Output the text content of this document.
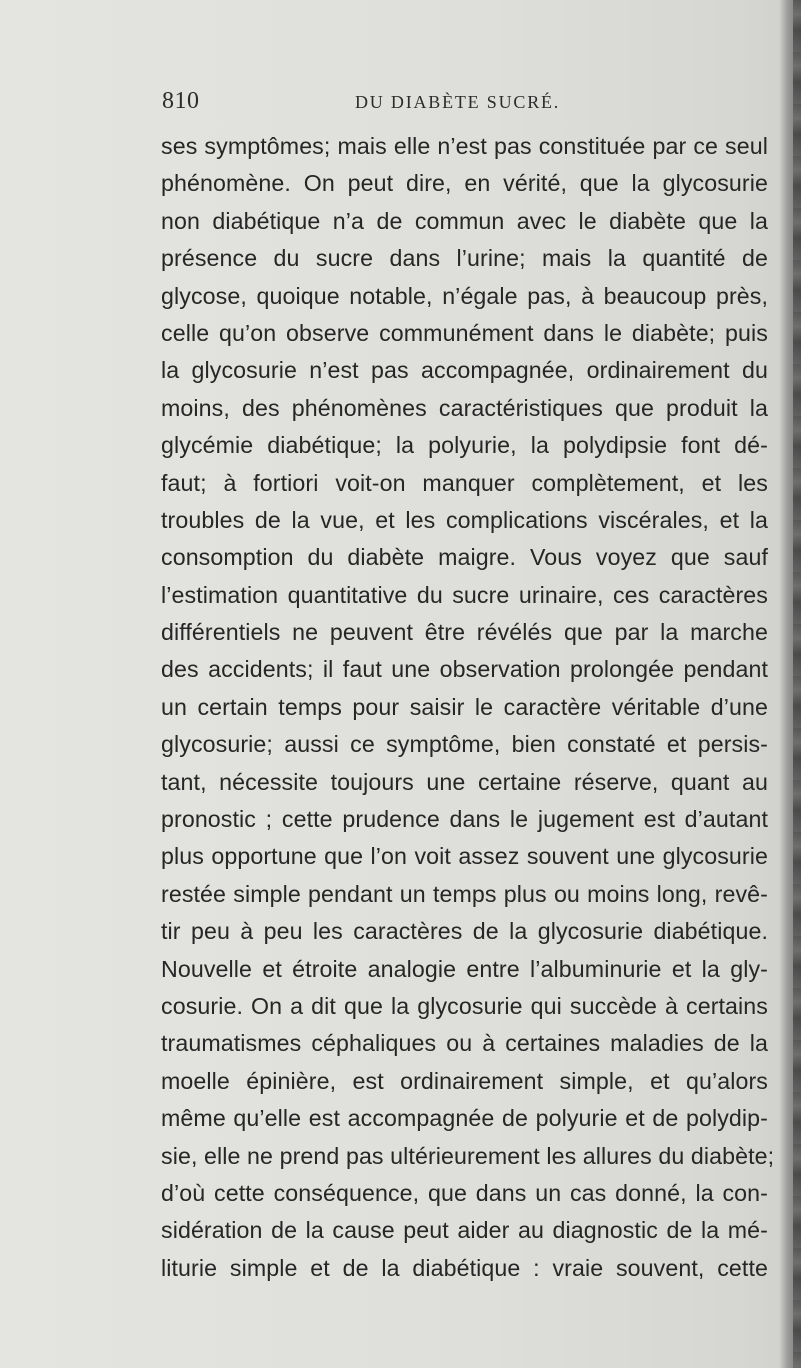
810	DU DIABÈTE SUCRÉ.
ses symptômes; mais elle n’est pas constituée par ce seul
phénomène. On peut dire, en vérité, que la glycosurie
non diabétique n’a de commun avec le diabète que la
présence du sucre dans l’urine; mais la quantité de
glycose, quoique notable, n’égale pas, à beaucoup près,
celle qu’on observe communément dans le diabète; puis
la glycosurie n’est pas accompagnée, ordinairement du
moins, des phénomènes caractéristiques que produit la
glycémie diabétique; la polyurie, la polydipsie font dé-
faut; à fortiori voit-on manquer complètement, et les
troubles de la vue, et les complications viscérales, et la
consomption du diabète maigre. Vous voyez que sauf
l’estimation quantitative du sucre urinaire, ces caractères
différentiels ne peuvent être révélés que par la marche
des accidents; il faut une observation prolongée pendant
un certain temps pour saisir le caractère véritable d’une
glycosurie; aussi ce symptôme, bien constaté et persis-
tant, nécessite toujours une certaine réserve, quant au
pronostic ; cette prudence dans le jugement est d’autant
plus opportune que l’on voit assez souvent une glycosurie
restée simple pendant un temps plus ou moins long, revê-
tir peu à peu les caractères de la glycosurie diabétique.
Nouvelle et étroite analogie entre l’albuminurie et la gly-
cosurie. On a dit que la glycosurie qui succède à certains
traumatismes céphaliques ou à certaines maladies de la
moelle épinière, est ordinairement simple, et qu’alors
même qu’elle est accompagnée de polyurie et de polydip-
sie, elle ne prend pas ultérieurement les allures du diabète;
d’où cette conséquence, que dans un cas donné, la con-
sidération de la cause peut aider au diagnostic de la mé-
liturie simple et de la diabétique : vraie souvent, cette
